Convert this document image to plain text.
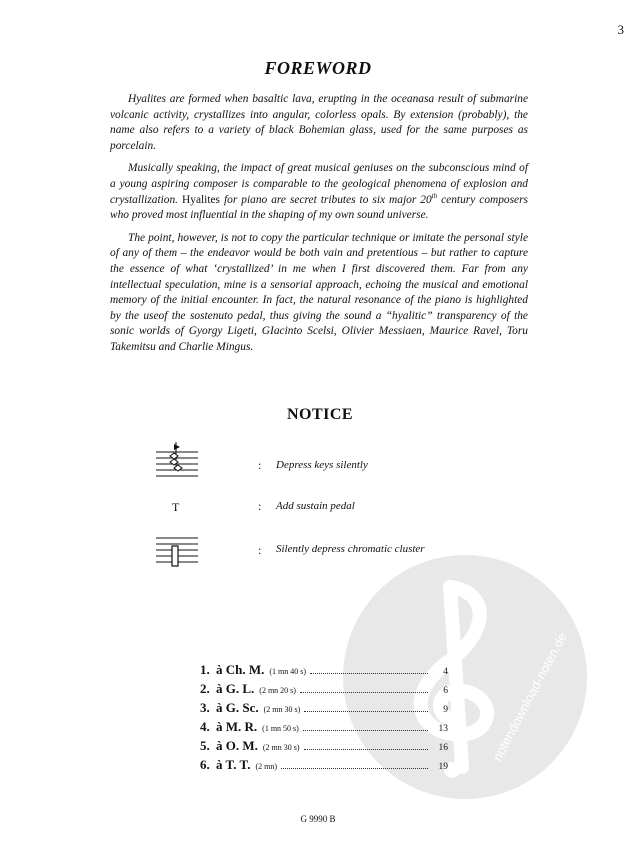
3
FOREWORD

Hyalites are formed when basaltic lava, erupting in the oceanasa result of submarine volcanic activity, crystallizes into angular, colorless opals. By extension (probably), the name also refers to a variety of black Bohemian glass, used for the same purposes as porcelain.

Musically speaking, the impact of great musical geniuses on the subconscious mind of a young aspiring composer is comparable to the geological phenomena of explosion and crystallization. Hyalites for piano are secret tributes to six major 20th century composers who proved most influential in the shaping of my own sound universe.

The point, however, is not to copy the particular technique or imitate the personal style of any of them – the endeavor would be both vain and pretentious – but rather to capture the essence of what ‘crystallized’ in me when I first discovered them. Far from any intellectual speculation, mine is a sensorial approach, echoing the musical and emotional memory of the initial encounter. In fact, the natural resonance of the piano is highlighted by the useof the sostenuto pedal, thus giving the sound a “hyalitic” transparency of the sonic worlds of Gyorgy Ligeti, GIacinto Scelsi, Olivier Messiaen, Maurice Ravel, Toru Takemitsu and Charlie Mingus.

NOTICE
: Depress keys silently
T	: Add sustain pedal
: Silently depress chromatic cluster
notendownload-noten.de
1. à Ch. M. (1 mn 40 s)	4
2. à G. L. (2 mn 20 s)	6
3. à G. Sc. (2 mn 30 s)	9
4. à M. R. (1 mn 50 s)	13
5. à O. M. (2 mn 30 s)	16
6. à T. T. (2 mn)	19
G 9990 B
